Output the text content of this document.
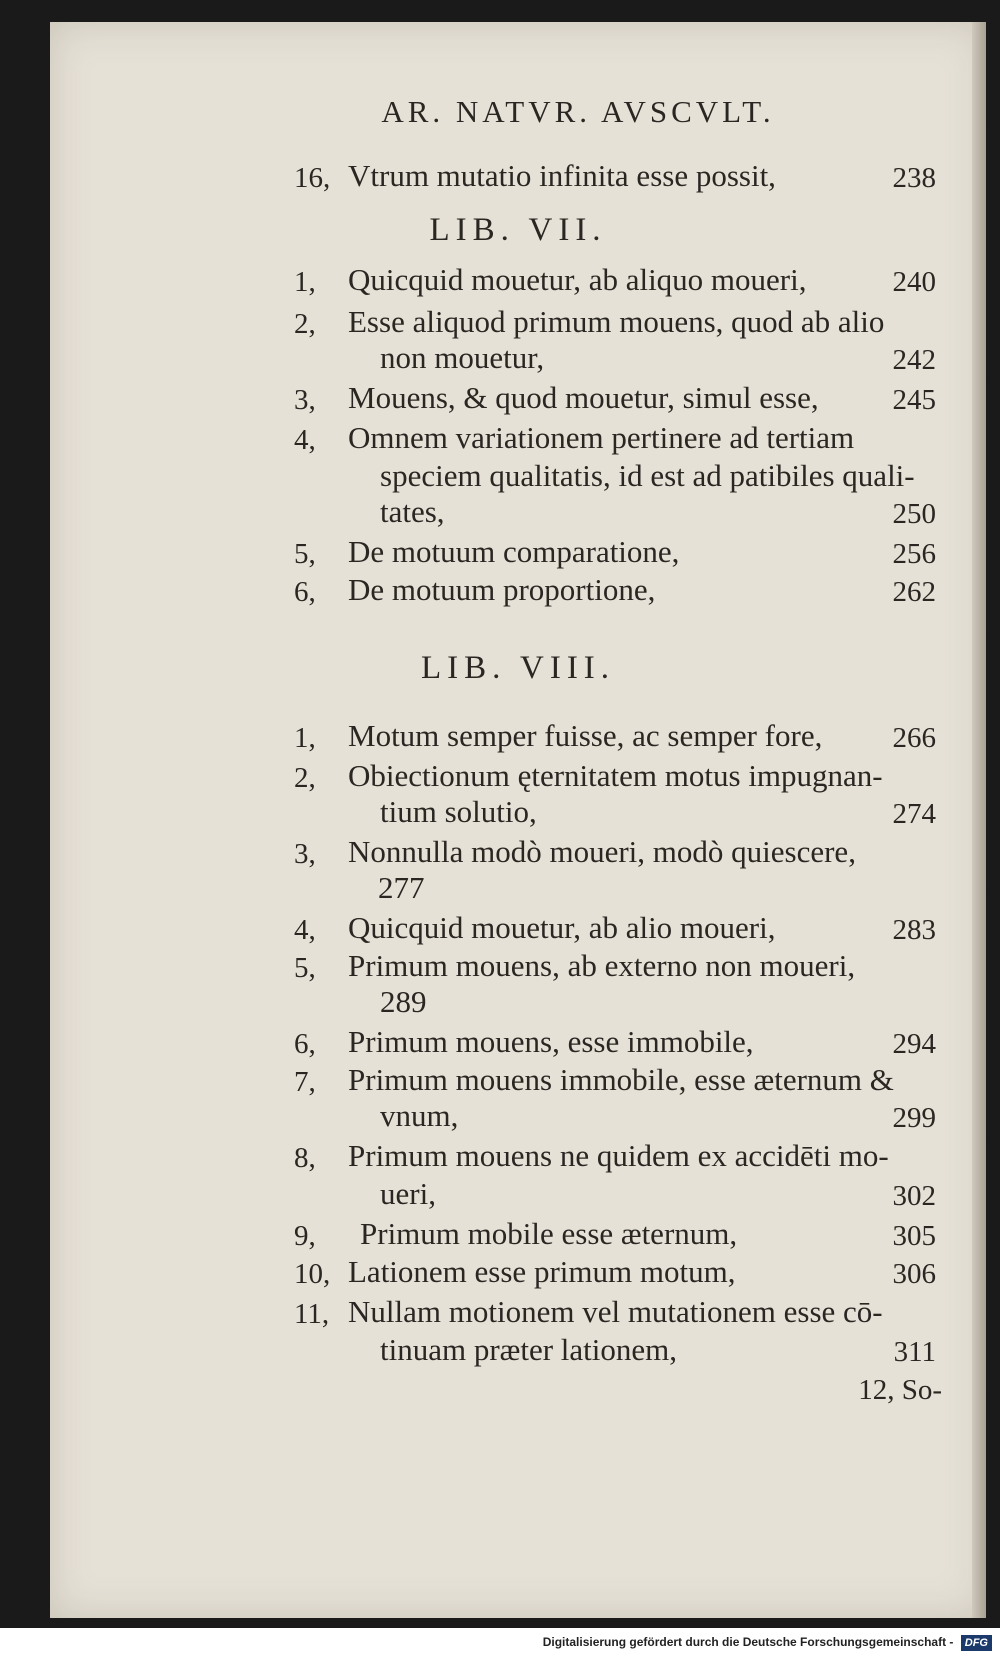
AR. NATVR. AVSCVLT.
16, Vtrum mutatio infinita esse possit,	238
LIB. VII.
1, Quicquid mouetur, ab aliquo moueri,	240
2, Esse aliquod primum mouens, quod ab alio
non mouetur,	242
3, Mouens, & quod mouetur, simul esse,	245
4, Omnem variationem pertinere ad tertiam
speciem qualitatis, id est ad patibiles quali-
tates,	250
5, De motuum comparatione,	256
6, De motuum proportione,	262
LIB. VIII.
1, Motum semper fuisse, ac semper fore, 266
2, Obiectionum ęternitatem motus impugnan-
tium solutio,	274
3, Nonnulla modò moueri, modò quiescere,
277
4, Quicquid mouetur, ab alio moueri,	283
5, Primum mouens, ab externo non moueri,
289
6, Primum mouens, esse immobile,	294
7, Primum mouens immobile, esse æternum &
vnum,	299
8, Primum mouens ne quidem ex accidēti mo-
ueri,	302
9, Primum mobile esse æternum,	305
10, Lationem esse primum motum,	306
11, Nullam motionem vel mutationem esse cō-
tinuam præter lationem,	311
12, So-
Digitalisierung gefördert durch die Deutsche Forschungsgemeinschaft - DFG
